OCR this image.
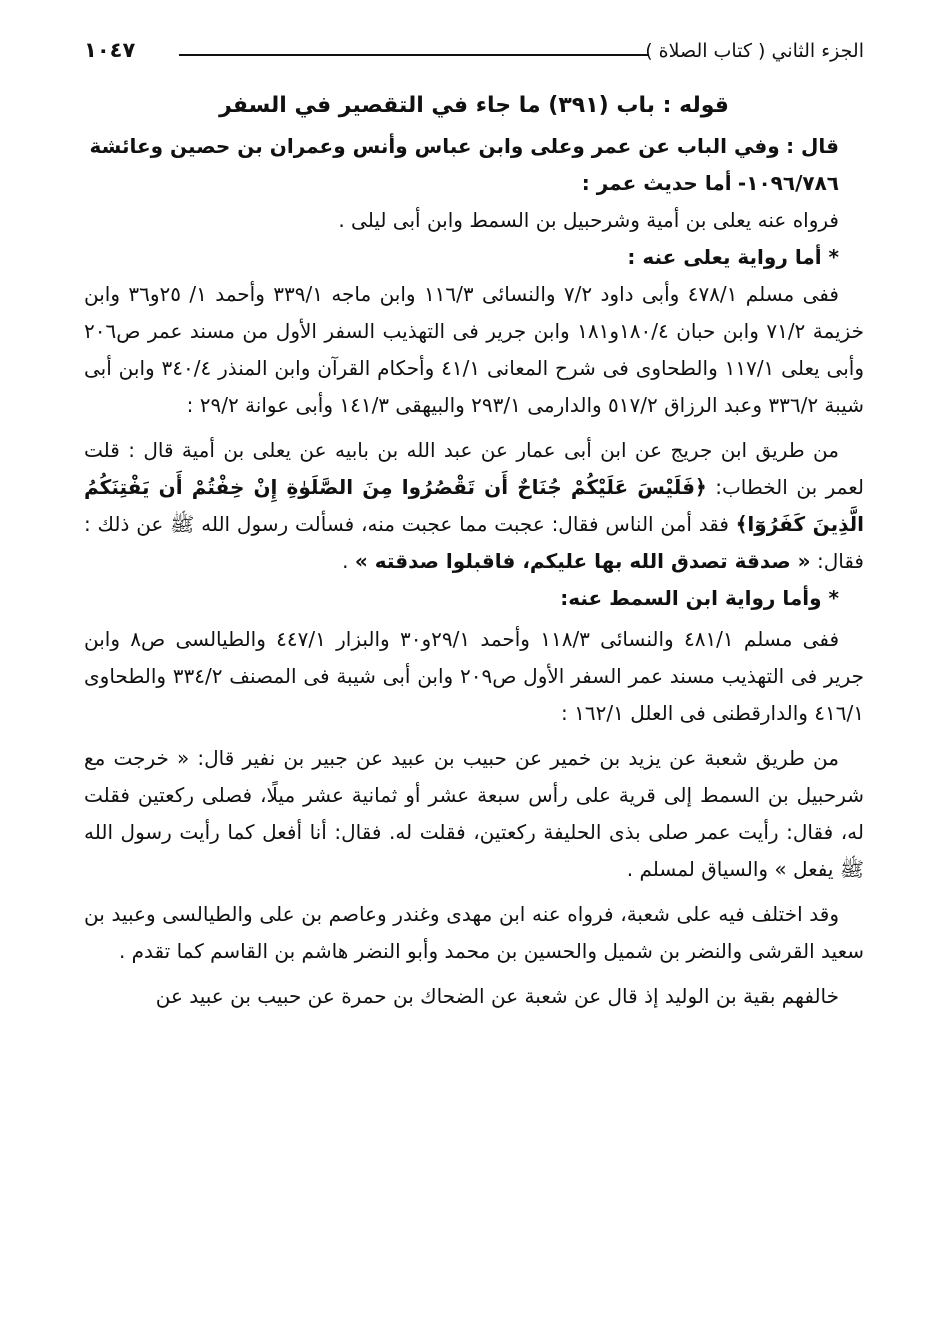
الجزء الثاني ( كتاب الصلاة )
١٠٤٧
قوله : باب (٣٩١) ما جاء في التقصير في السفر

قال : وفي الباب عن عمر وعلى وابن عباس وأنس وعمران بن حصين وعائشة

١٠٩٦/٧٨٦- أما حديث عمر :

فرواه عنه يعلى بن أمية وشرحبيل بن السمط وابن أبى ليلى .

* أما رواية يعلى عنه :

ففى مسلم ٤٧٨/١ وأبى داود ٧/٢ والنسائى ١١٦/٣ وابن ماجه ٣٣٩/١ وأحمد ١/ ٢٥و٣٦ وابن خزيمة ٧١/٢ وابن حبان ١٨٠/٤و١٨١ وابن جرير فى التهذيب السفر الأول من مسند عمر ص٢٠٦ وأبى يعلى ١١٧/١ والطحاوى فى شرح المعانى ٤١/١ وأحكام القرآن وابن المنذر ٣٤٠/٤ وابن أبى شيبة ٣٣٦/٢ وعبد الرزاق ٥١٧/٢ والدارمى ٢٩٣/١ والبيهقى ١٤١/٣ وأبى عوانة ٢٩/٢ :

من طريق ابن جريج عن ابن أبى عمار عن عبد الله بن بابيه عن يعلى بن أمية قال : قلت لعمر بن الخطاب: ﴿فَلَيْسَ عَلَيْكُمْ جُنَاحٌ أَن تَقْصُرُوا مِنَ الصَّلَوٰةِ إِنْ خِفْتُمْ أَن يَفْتِنَكُمُ الَّذِينَ كَفَرُوٓا﴾ فقد أمن الناس فقال: عجبت مما عجبت منه، فسألت رسول الله ﷺ عن ذلك : فقال: « صدقة تصدق الله بها عليكم، فاقبلوا صدقته » .

* وأما رواية ابن السمط عنه:

ففى مسلم ٤٨١/١ والنسائى ١١٨/٣ وأحمد ٢٩/١و٣٠ والبزار ٤٤٧/١ والطيالسى ص٨ وابن جرير فى التهذيب مسند عمر السفر الأول ص٢٠٩ وابن أبى شيبة فى المصنف ٣٣٤/٢ والطحاوى ٤١٦/١ والدارقطنى فى العلل ١٦٢/١ :

من طريق شعبة عن يزيد بن خمير عن حبيب بن عبيد عن جبير بن نفير قال: « خرجت مع شرحبيل بن السمط إلى قرية على رأس سبعة عشر أو ثمانية عشر ميلًا، فصلى ركعتين فقلت له، فقال: رأيت عمر صلى بذى الحليفة ركعتين، فقلت له. فقال: أنا أفعل كما رأيت رسول الله ﷺ يفعل » والسياق لمسلم .

وقد اختلف فيه على شعبة، فرواه عنه ابن مهدى وغندر وعاصم بن على والطيالسى وعبيد بن سعيد القرشى والنضر بن شميل والحسين بن محمد وأبو النضر هاشم بن القاسم كما تقدم .

خالفهم بقية بن الوليد إذ قال عن شعبة عن الضحاك بن حمرة عن حبيب بن عبيد عن
